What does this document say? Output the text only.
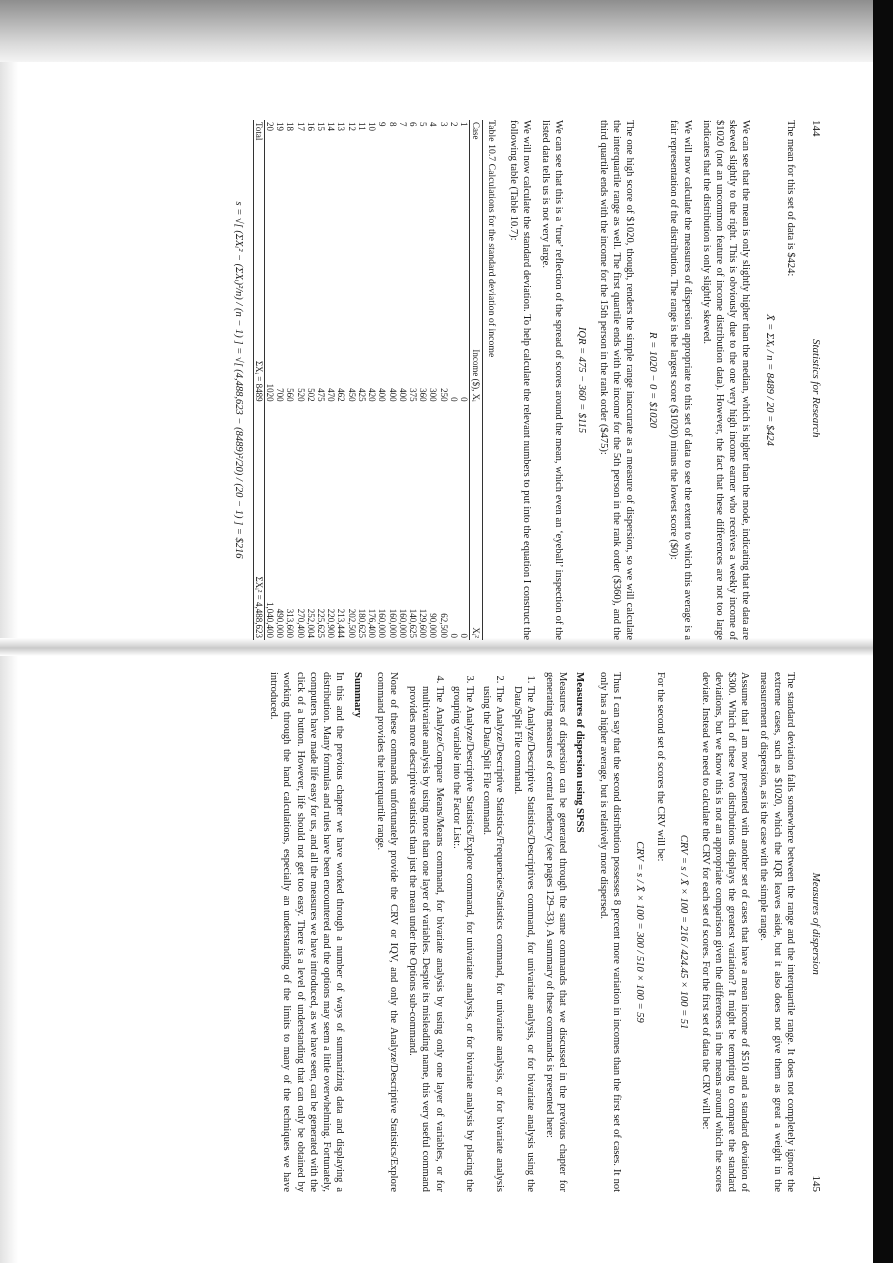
144
Statistics for Research

The mean for this set of data is $424:

X̄ = ΣXᵢ / n = 8489 / 20 = $424

We can see that the mean is only slightly higher than the median, which is higher than the mode, indicating that the data are skewed slightly to the right. This is obviously due to the one very high income earner who receives a weekly income of $1020 (not an uncommon feature of income distribution data). However, the fact that these differences are not too large indicates that the distribution is only slightly skewed.

We will now calculate the measures of dispersion appropriate to this set of data to see the extent to which this average is a fair representation of the distribution. The range is the largest score ($1020) minus the lowest score ($0):

R = 1020 − 0 = $1020

The one high score of $1020, though, renders the simple range inaccurate as a measure of dispersion, so we will calculate the interquartile range as well. The first quartile ends with the income for the 5th person in the rank order ($360), and the third quartile ends with the income for the 15th person in the rank order ($475):

IQR = 475 − 360 = $115

We can see that this is a ‘true’ reflection of the spread of scores around the mean, which even an ‘eyeball’ inspection of the listed data tells us is not very large.

We will now calculate the standard deviation. To help calculate the relevant numbers to put into the equation I construct the following table (Table 10.7):

Table 10.7 Calculations for the standard deviation of income
Case	Income ($), Xᵢ	Xᵢ²
1	0	0
2	0	0
3	250	62,500
4	300	90,000
5	360	129,600
6	375	140,625
7	400	160,000
8	400	160,000
9	400	160,000
10	420	176,400
11	425	180,625
12	450	202,500
13	462	213,444
14	470	220,900
15	475	225,625
16	502	252,004
17	520	270,400
18	560	313,600
19	700	490,000
20	1020	1,040,400
Total	ΣXᵢ = 8489	ΣXᵢ² = 4,488,623
s = √[ (ΣXᵢ² − (ΣXᵢ)²/n) / (n − 1) ] = √[ (4,488,623 − (8489)²/20) / (20 − 1) ] = $216
Measures of dispersion
145

The standard deviation falls somewhere between the range and the interquartile range. It does not completely ignore the extreme cases, such as $1020, which the IQR leaves aside, but it also does not give them as great a weight in the measurement of dispersion, as is the case with the simple range.

Assume that I am now presented with another set of cases that have a mean income of $510 and a standard deviation of $300. Which of these two distributions displays the greatest variation? It might be tempting to compare the standard deviations, but we know this is not an appropriate comparison given the differences in the means around which the scores deviate. Instead we need to calculate the CRV for each set of scores. For the first set of data the CRV will be:

CRV = s / X̄ × 100 = 216 / 424.45 × 100 = 51

For the second set of scores the CRV will be:

CRV = s / X̄ × 100 = 300 / 510 × 100 = 59

Thus I can say that the second distribution possesses 8 percent more variation in incomes than the first set of cases. It not only has a higher average, but is relatively more dispersed.

Measures of dispersion using SPSS

Measures of dispersion can be generated through the same commands that we discussed in the previous chapter for generating measures of central tendency (see pages 129–33). A summary of these commands is presented here:

1. The Analyze/Descriptive Statistics/Descriptives command, for univariate analysis, or for bivariate analysis using the Data/Split File command.
2. The Analyze/Descriptive Statistics/Frequencies/Statistics command, for univariate analysis, or for bivariate analysis using the Data/Split File command.
3. The Analyze/Descriptive Statistics/Explore command, for univariate analysis, or for bivariate analysis by placing the grouping variable into the Factor List:.
4. The Analyze/Compare Means/Means command, for bivariate analysis by using only one layer of variables, or for multivariate analysis by using more than one layer of variables. Despite its misleading name, this very useful command provides more descriptive statistics than just the mean under the Options sub-command.

None of these commands unfortunately provide the CRV or IQV, and only the Analyze/Descriptive Statistics/Explore command provides the interquartile range.

Summary

In this and the previous chapter we have worked through a number of ways of summarizing data and displaying a distribution. Many formulas and rules have been encountered and the options may seem a little overwhelming. Fortunately, computers have made life easy for us, and all the measures we have introduced, as we have seen, can be generated with the click of a button. However, life should not get too easy. There is a level of understanding that can only be obtained by working through the hand calculations, especially an understanding of the limits to many of the techniques we have introduced.
